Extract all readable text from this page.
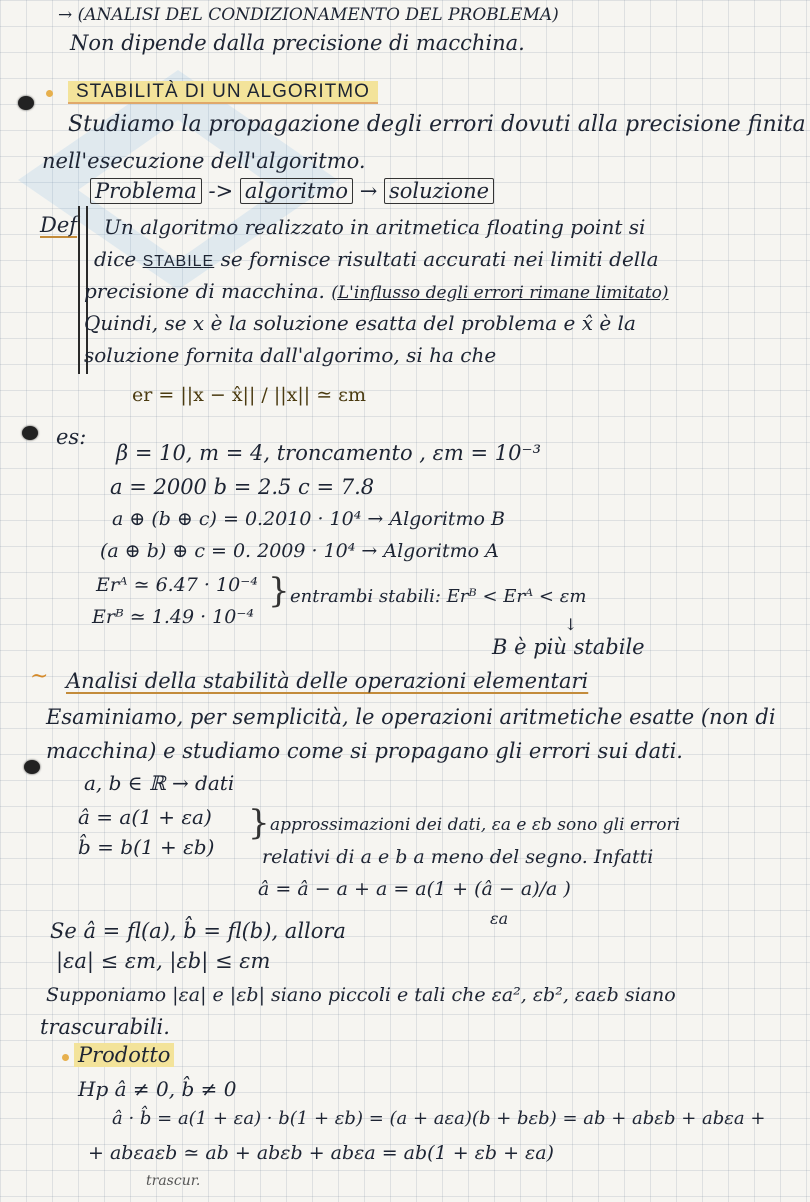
→ (ANALISI DEL CONDIZIONAMENTO DEL PROBLEMA)
Non dipende dalla precisione di macchina.
STABILITÀ DI UN ALGORITMO
Studiamo la propagazione degli errori dovuti alla precisione finita
nell'esecuzione dell'algoritmo.
Problema -> algoritmo → soluzione
Def Un algoritmo realizzato in aritmetica floating point si
dice STABILE se fornisce risultati accurati nei limiti della
precisione di macchina. (L'influsso degli errori rimane limitato)
Quindi, se x è la soluzione esatta del problema e x̂ è la
soluzione fornita dall'algorimo, si ha che
er = ||x − x̂|| / ||x|| ≃ εm
es:
β = 10, m = 4, troncamento , εm = 10⁻³
a = 2000 b = 2.5 c = 7.8
a ⊕ (b ⊕ c) = 0.2010 · 10⁴ → Algoritmo B
(a ⊕ b) ⊕ c = 0. 2009 · 10⁴ → Algoritmo A
Erᴬ ≃ 6.47 · 10⁻⁴
Erᴮ ≃ 1.49 · 10⁻⁴
} entrambi stabili: Erᴮ < Erᴬ < εm
↓
B è più stabile
~ Analisi della stabilità delle operazioni elementari
Esaminiamo, per semplicità, le operazioni aritmetiche esatte (non di
macchina) e studiamo come si propagano gli errori sui dati.
a, b ∈ ℝ → dati
â = a(1 + εa)
b̂ = b(1 + εb)
} approssimazioni dei dati, εa e εb sono gli errori
relativi di a e b a meno del segno. Infatti
â = â − a + a = a(1 + (â − a)/a )
εa
Se â = fl(a), b̂ = fl(b), allora
|εa| ≤ εm, |εb| ≤ εm
Supponiamo |εa| e |εb| siano piccoli e tali che εa², εb², εaεb siano
trascurabili.
Prodotto
Hp â ≠ 0, b̂ ≠ 0
â · b̂ = a(1 + εa) · b(1 + εb) = (a + aεa)(b + bεb) = ab + abεb + abεa +
+ abεaεb ≃ ab + abεb + abεa = ab(1 + εb + εa)
trascur.
